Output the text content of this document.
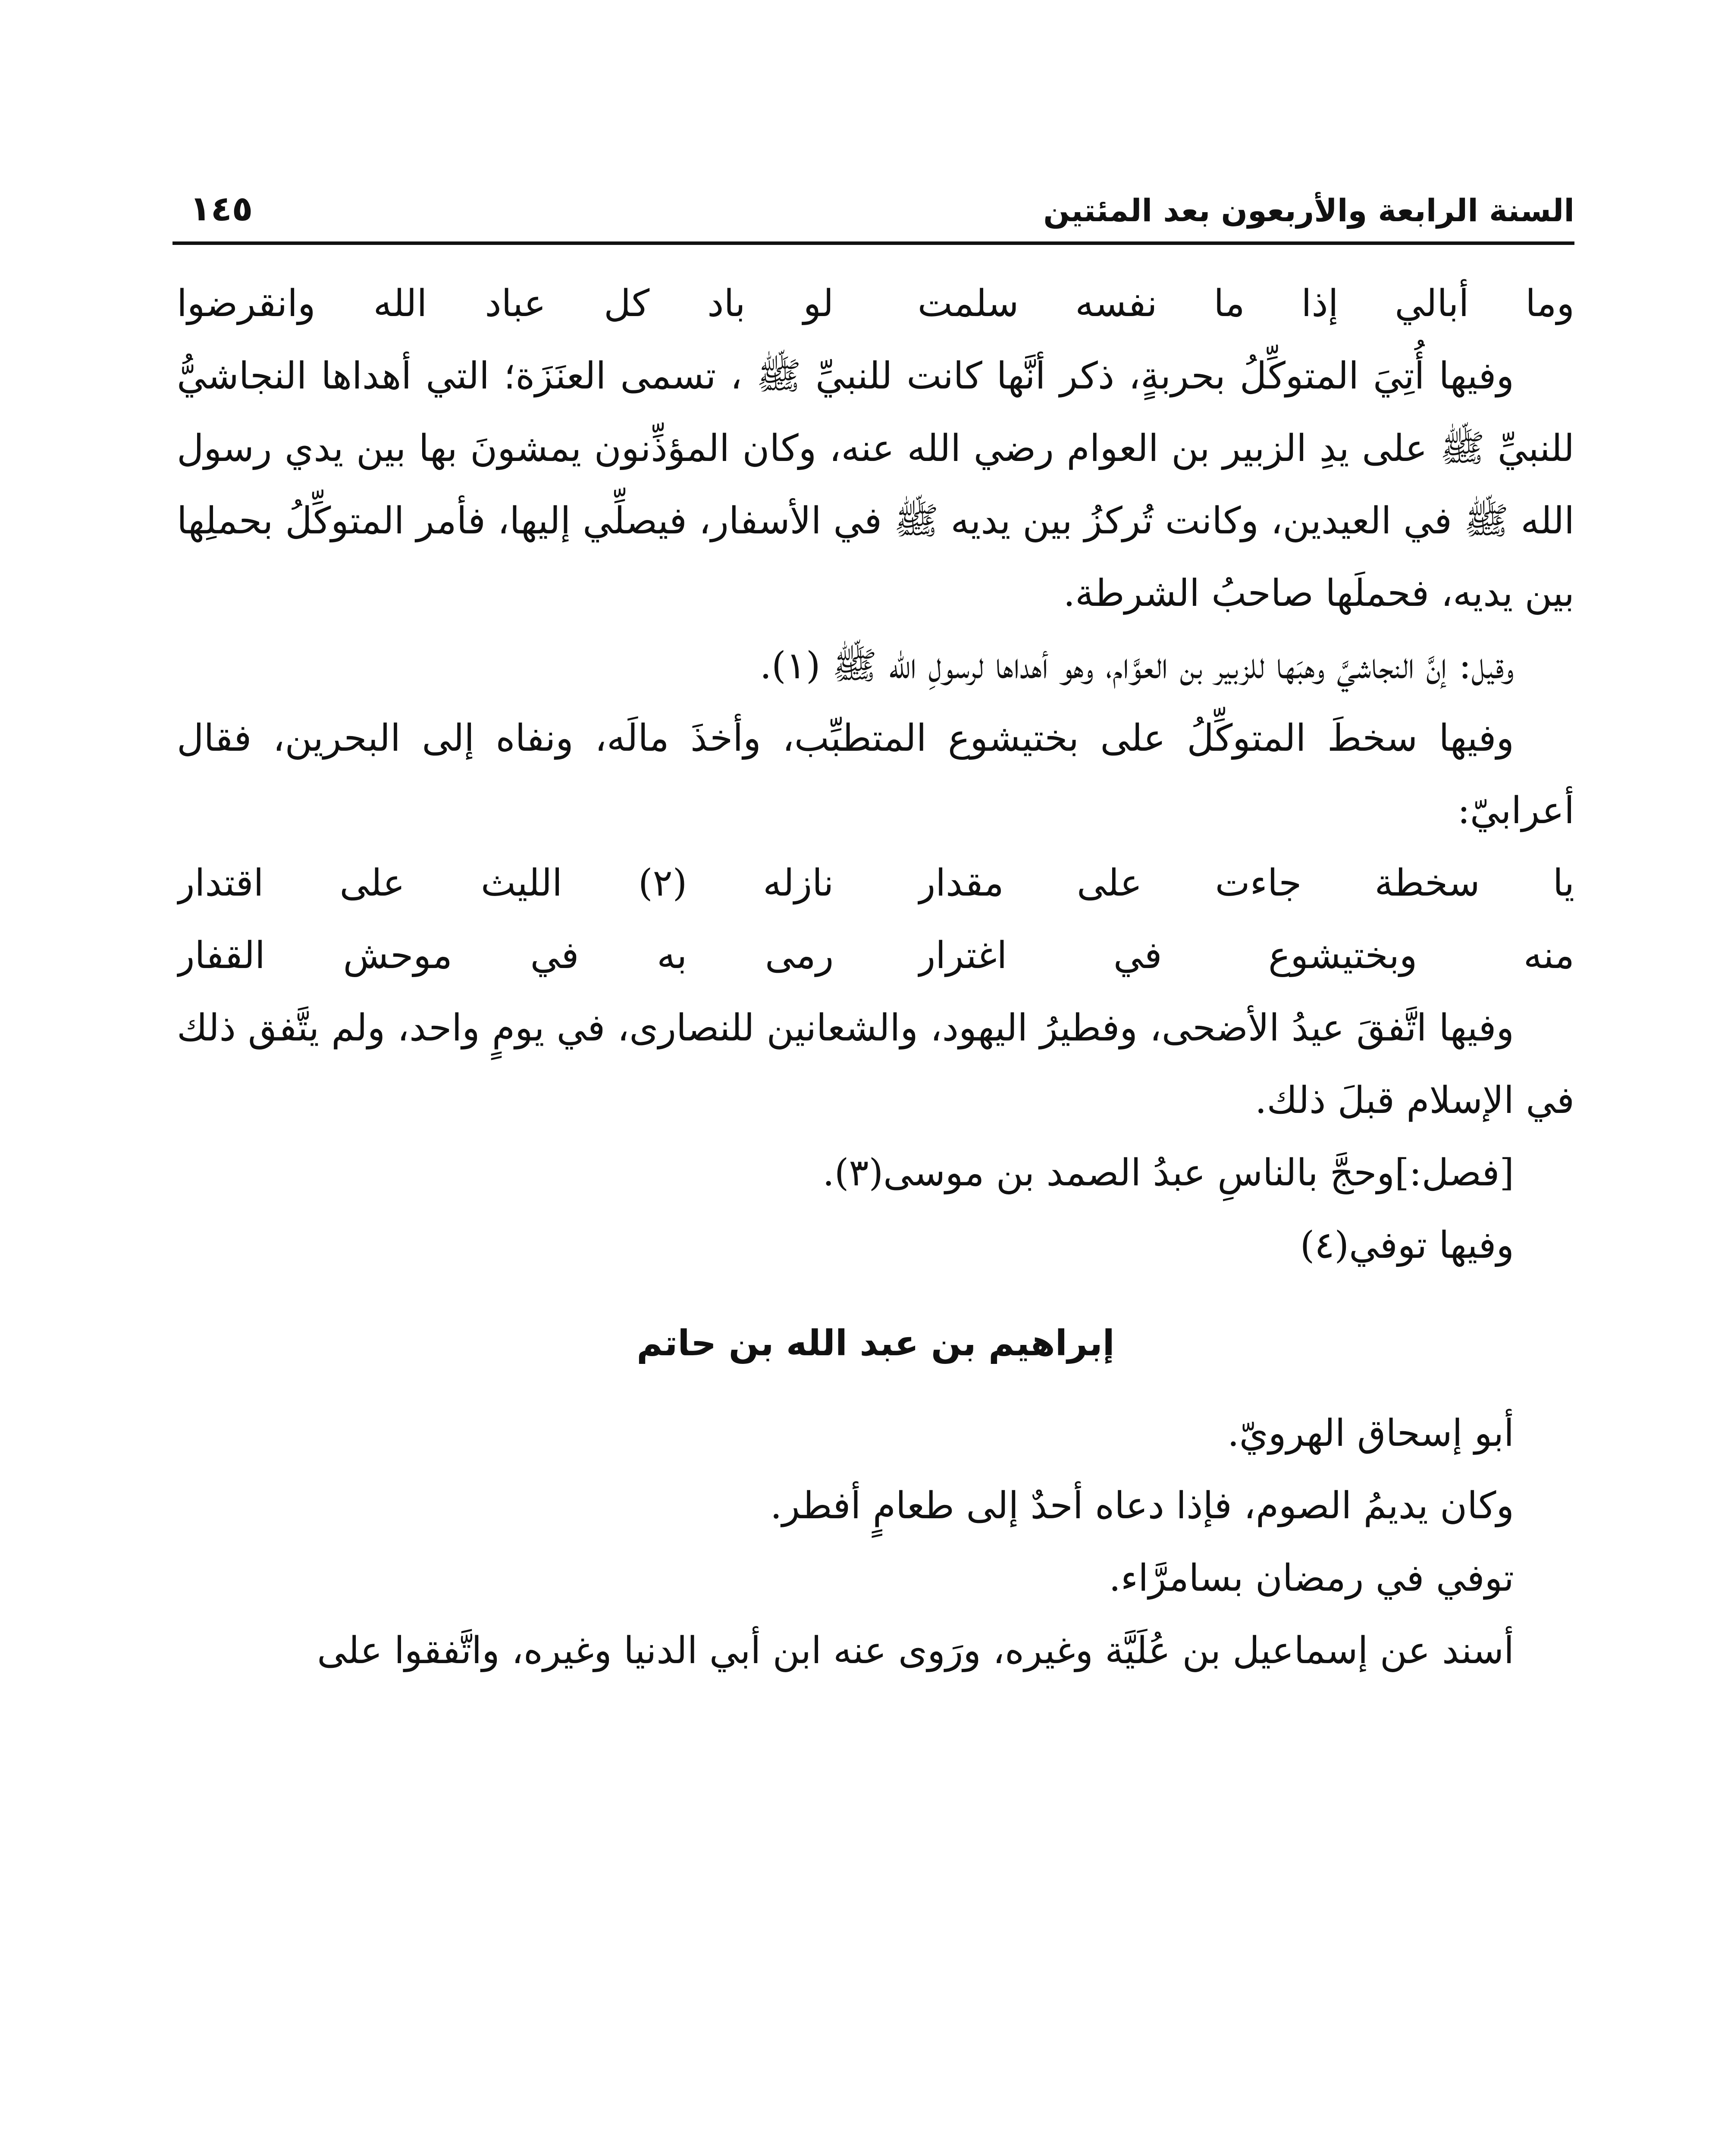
السنة الرابعة والأربعون بعد المئتين
١٤٥
وما أبالي إذا ما نفسه سلمت
لو باد كل عباد الله وانقرضوا

وفيها أُتِيَ المتوكِّلُ بحربةٍ، ذكر أنَّها كانت للنبيِّ ﷺ ، تسمى العنَزَة؛ التي أهداها النجاشيُّ للنبيِّ ﷺ على يدِ الزبير بن العوام رضي الله عنه، وكان المؤذِّنون يمشونَ بها بين يدي رسول الله ﷺ في العيدين، وكانت تُركزُ بين يديه ﷺ في الأسفار، فيصلِّي إليها، فأمر المتوكِّلُ بحملِها بين يديه، فحملَها صاحبُ الشرطة.

وقيل: إنَّ النجاشيَّ وهبَها للزبير بن العوَّام، وهو أهداها لرسولِ الله ﷺ (١).

وفيها سخطَ المتوكِّلُ على بختيشوع المتطبِّب، وأخذَ مالَه، ونفاه إلى البحرين، فقال أعرابيّ:

يا سخطة جاءت على مقدار
نازله (٢) الليث على اقتدار
منه وبختيشوع في اغترار
رمى به في موحش القفار

وفيها اتَّفقَ عيدُ الأضحى، وفطيرُ اليهود، والشعانين للنصارى، في يومٍ واحد، ولم يتَّفق ذلك في الإسلام قبلَ ذلك.

[فصل:]وحجَّ بالناسِ عبدُ الصمد بن موسى(٣).

وفيها توفي(٤)

إبراهيم بن عبد الله بن حاتم

أبو إسحاق الهرويّ.

وكان يديمُ الصوم، فإذا دعاه أحدٌ إلى طعامٍ أفطر.

توفي في رمضان بسامرَّاء.

أسند عن إسماعيل بن عُلَيَّة وغيره، ورَوى عنه ابن أبي الدنيا وغيره، واتَّفقوا على
